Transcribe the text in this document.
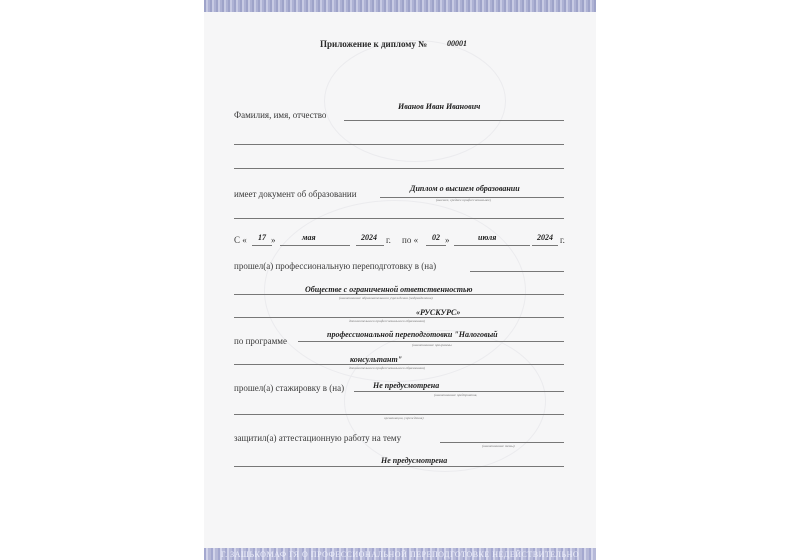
Приложение к диплому № 00001
Иванов Иван Иванович
Фамилия, имя, отчество
Диплом о высшем образовании
имеет документ об образовании
(высшее, среднее профессиональное)
С « 17 »	мая	2024 г. по « 02 »	июля	2024 г.
прошел(а) профессиональную переподготовку в (на)
Обществе с ограниченной ответственностью
(наименование образовательного учреждения (подразделения)
«РУСКУРС»
дополнительного профессионального образования)
профессиональной переподготовки "Налоговый
по программе	(наименование программы
консультант"
дополнительного профессионального образования)
прошел(а) стажировку в (на)	Не предусмотрена
(наименование предприятия,
организации, учреждения)
защитил(а) аттестационную работу на тему
(наименование темы)
Не предусмотрена
Г. ЗАШЬКОМАФ ГЯ О ПРОФЕССИОНАЛЬНОЙ ПЕРЕПОДГОТОВКЕ НЕДЕЙСТВИТЕЛЬНО
